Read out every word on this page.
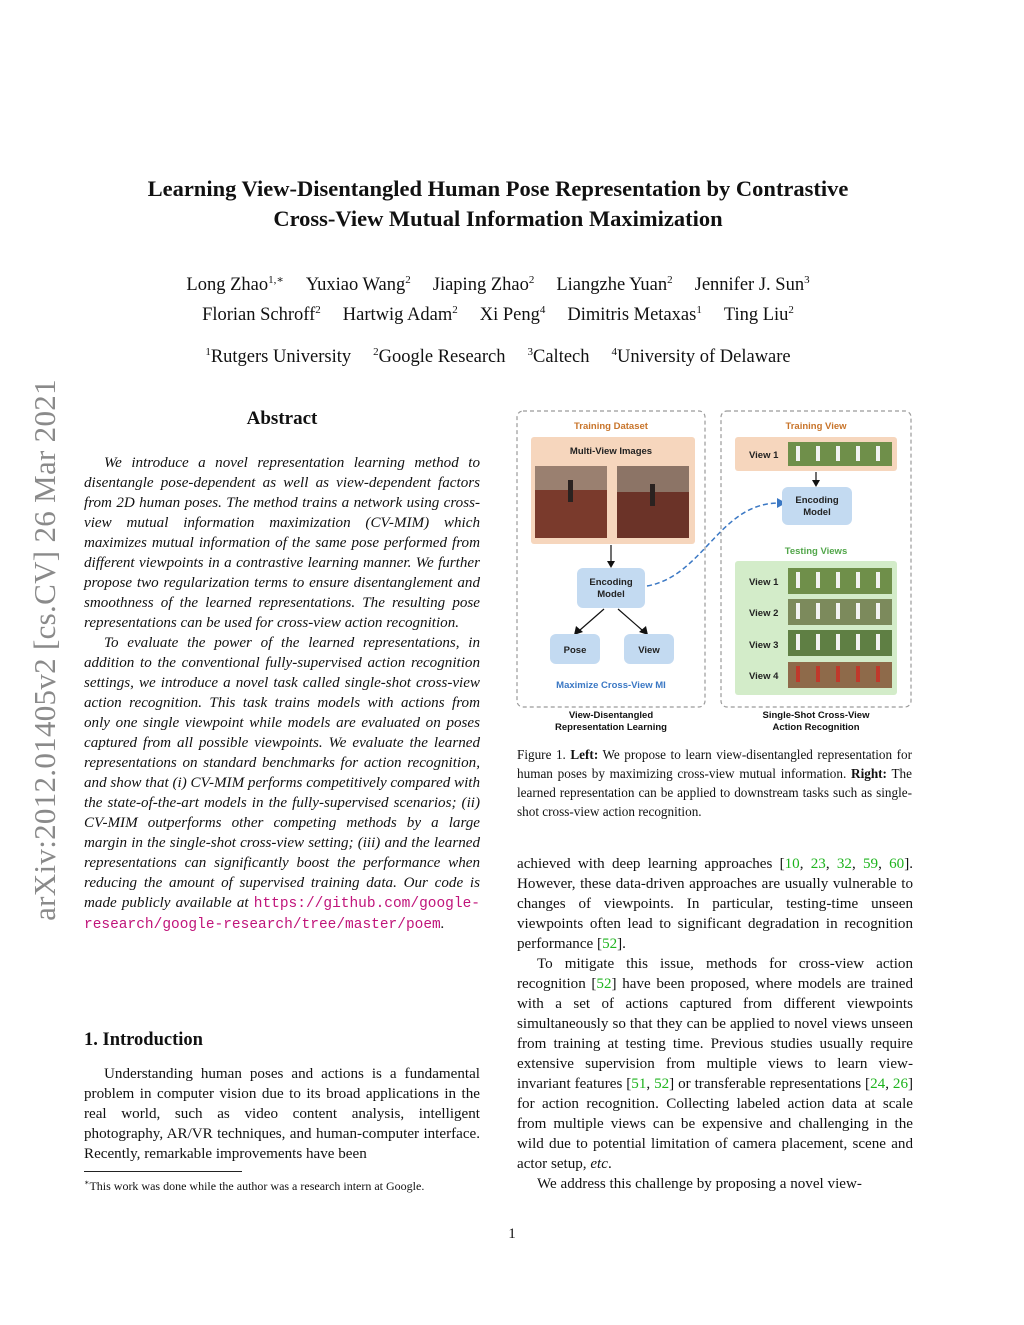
arXiv:2012.01405v2 [cs.CV] 26 Mar 2021
Learning View-Disentangled Human Pose Representation by Contrastive
Cross-View Mutual Information Maximization
Long Zhao$^{1,∗}$ Yuxiao Wang$^2$ Jiaping Zhao$^2$ Liangzhe Yuan$^2$ Jennifer J. Sun$^3$
Florian Schroff$^2$ Hartwig Adam$^2$ Xi Peng$^4$ Dimitris Metaxas$^1$ Ting Liu$^2$
$^1$Rutgers University $^2$Google Research $^3$Caltech $^4$University of Delaware
Abstract

We introduce a novel representation learning method to disentangle pose-dependent as well as view-dependent factors from 2D human poses. The method trains a network using cross-view mutual information maximization (CV-MIM) which maximizes mutual information of the same pose performed from different viewpoints in a contrastive learning manner. We further propose two regularization terms to ensure disentanglement and smoothness of the learned representations. The resulting pose representations can be used for cross-view action recognition.

To evaluate the power of the learned representations, in addition to the conventional fully-supervised action recognition settings, we introduce a novel task called single-shot cross-view action recognition. This task trains models with actions from only one single viewpoint while models are evaluated on poses captured from all possible viewpoints. We evaluate the learned representations on standard benchmarks for action recognition, and show that (i) CV-MIM performs competitively compared with the state-of-the-art models in the fully-supervised scenarios; (ii) CV-MIM outperforms other competing methods by a large margin in the single-shot cross-view setting; (iii) and the learned representations can significantly boost the performance when reducing the amount of supervised training data. Our code is made publicly available at https://github.com/google-research/google-research/tree/master/poem.

1. Introduction

Understanding human poses and actions is a fundamental problem in computer vision due to its broad applications in the real world, such as video content analysis, intelligent photography, AR/VR techniques, and human-computer interface. Recently, remarkable improvements have been

∗This work was done while the author was a research intern at Google.
Training Dataset
Multi-View Images
Encoding
Model
Pose	View
Maximize Cross-View MI
View-Disentangled
Representation Learning
Training View
View 1
Encoding
Model
Testing Views
View 1
View 2
View 3
View 4
Single-Shot Cross-View
Action Recognition
Figure 1. Left: We propose to learn view-disentangled representation for human poses by maximizing cross-view mutual information. Right: The learned representation can be applied to downstream tasks such as single-shot cross-view action recognition.

achieved with deep learning approaches [10, 23, 32, 59, 60]. However, these data-driven approaches are usually vulnerable to changes of viewpoints. In particular, testing-time unseen viewpoints often lead to significant degradation in recognition performance [52].

To mitigate this issue, methods for cross-view action recognition [52] have been proposed, where models are trained with a set of actions captured from different viewpoints simultaneously so that they can be applied to novel views unseen from training at testing time. Previous studies usually require extensive supervision from multiple views to learn view-invariant features [51, 52] or transferable representations [24, 26] for action recognition. Collecting labeled action data at scale from multiple views can be expensive and challenging in the wild due to potential limitation of camera placement, scene and actor setup, etc.

We address this challenge by proposing a novel view-

1
